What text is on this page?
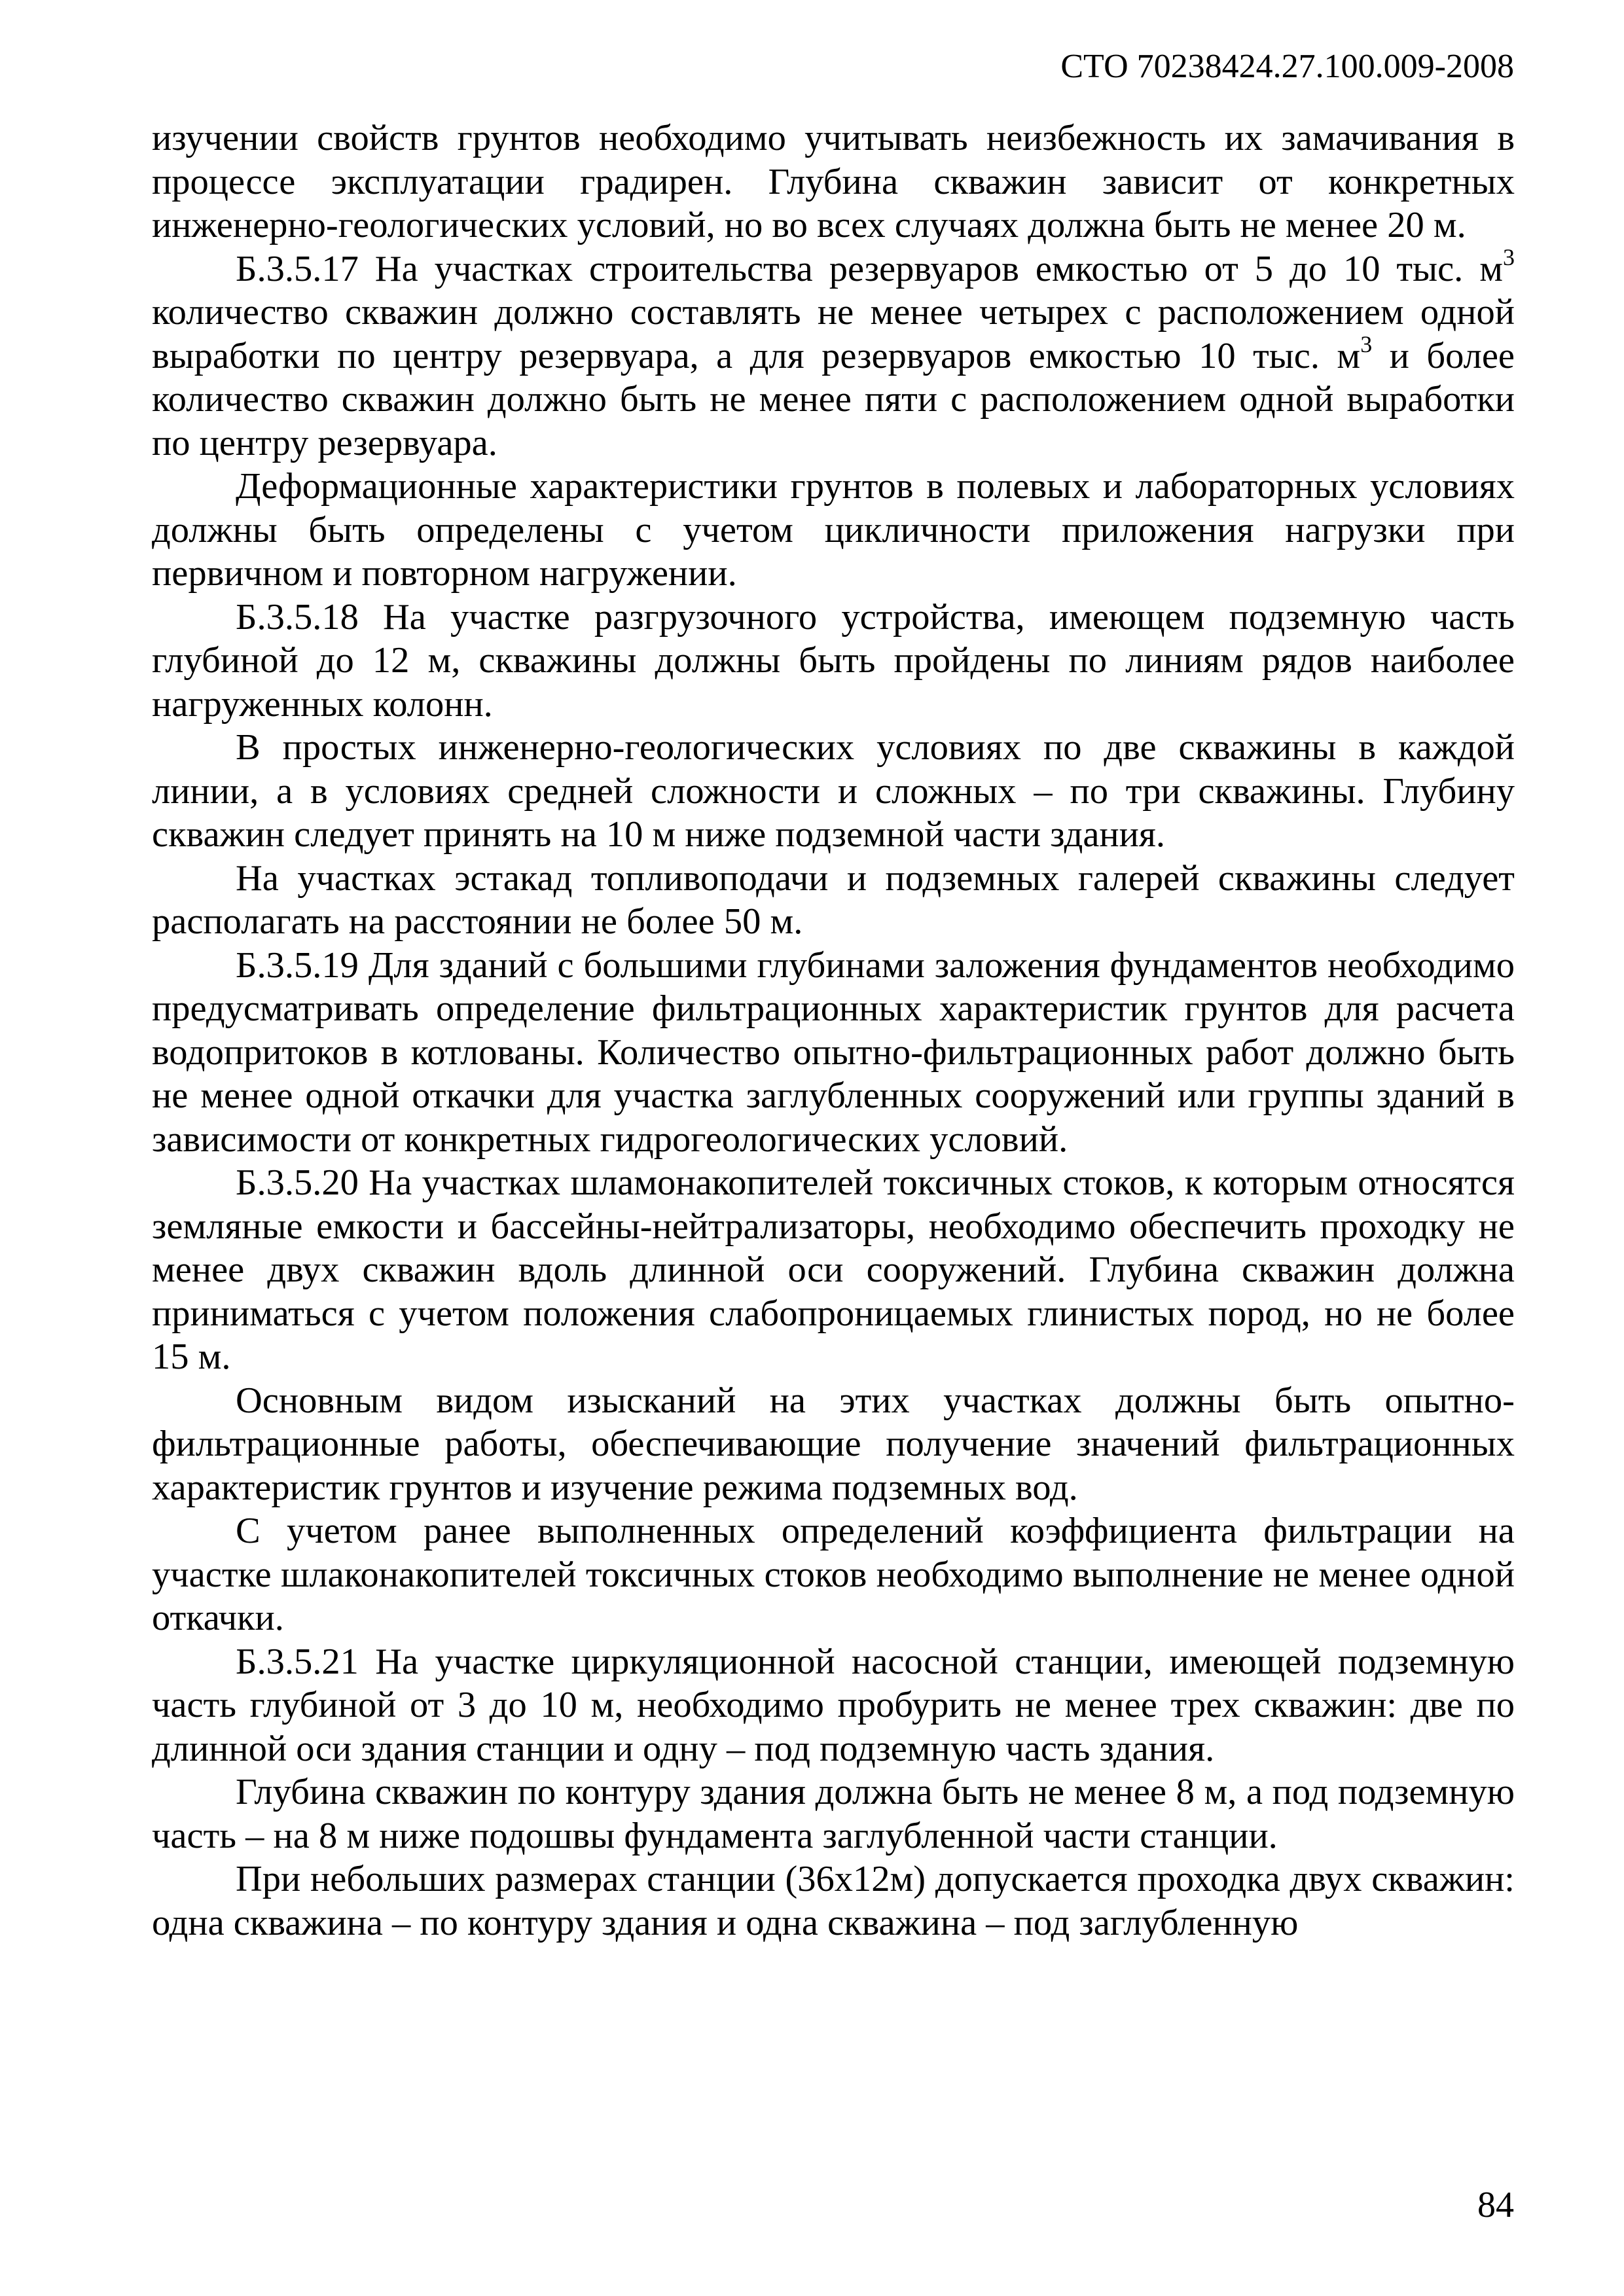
СТО 70238424.27.100.009-2008

изучении свойств грунтов необходимо учитывать неизбежность их замачивания в процессе эксплуатации градирен. Глубина скважин зависит от конкретных инженерно-геологических условий, но во всех случаях должна быть не менее 20 м.

Б.3.5.17 На участках строительства резервуаров емкостью от 5 до 10 тыс. $м^3$ количество скважин должно составлять не менее четырех с расположением одной выработки по центру резервуара, а для резервуаров емкостью 10 тыс. $м^3$ и более количество скважин должно быть не менее пяти с расположением одной выработки по центру резервуара.

Деформационные характеристики грунтов в полевых и лабораторных условиях должны быть определены с учетом цикличности приложения нагрузки при первичном и повторном нагружении.

Б.3.5.18 На участке разгрузочного устройства, имеющем подземную часть глубиной до 12 м, скважины должны быть пройдены по линиям рядов наиболее нагруженных колонн.

В простых инженерно-геологических условиях по две скважины в каждой линии, а в условиях средней сложности и сложных – по три скважины. Глубину скважин следует принять на 10 м ниже подземной части здания.

На участках эстакад топливоподачи и подземных галерей скважины следует располагать на расстоянии не более 50 м.

Б.3.5.19 Для зданий с большими глубинами заложения фундаментов необходимо предусматривать определение фильтрационных характеристик грунтов для расчета водопритоков в котлованы. Количество опытно-фильтрационных работ должно быть не менее одной откачки для участка заглубленных сооружений или группы зданий в зависимости от конкретных гидрогеологических условий.

Б.3.5.20 На участках шламонакопителей токсичных стоков, к которым относятся земляные емкости и бассейны-нейтрализаторы, необходимо обеспечить проходку не менее двух скважин вдоль длинной оси сооружений. Глубина скважин должна приниматься с учетом положения слабопроницаемых глинистых пород, но не более 15 м.

Основным видом изысканий на этих участках должны быть опытно-фильтрационные работы, обеспечивающие получение значений фильтрационных характеристик грунтов и изучение режима подземных вод.

С учетом ранее выполненных определений коэффициента фильтрации на участке шлаконакопителей токсичных стоков необходимо выполнение не менее одной откачки.

Б.3.5.21 На участке циркуляционной насосной станции, имеющей подземную часть глубиной от 3 до 10 м, необходимо пробурить не менее трех скважин: две по длинной оси здания станции и одну – под подземную часть здания.

Глубина скважин по контуру здания должна быть не менее 8 м, а под подземную часть – на 8 м ниже подошвы фундамента заглубленной части станции.

При небольших размерах станции (36х12м) допускается проходка двух скважин: одна скважина – по контуру здания и одна скважина – под заглубленную

84
